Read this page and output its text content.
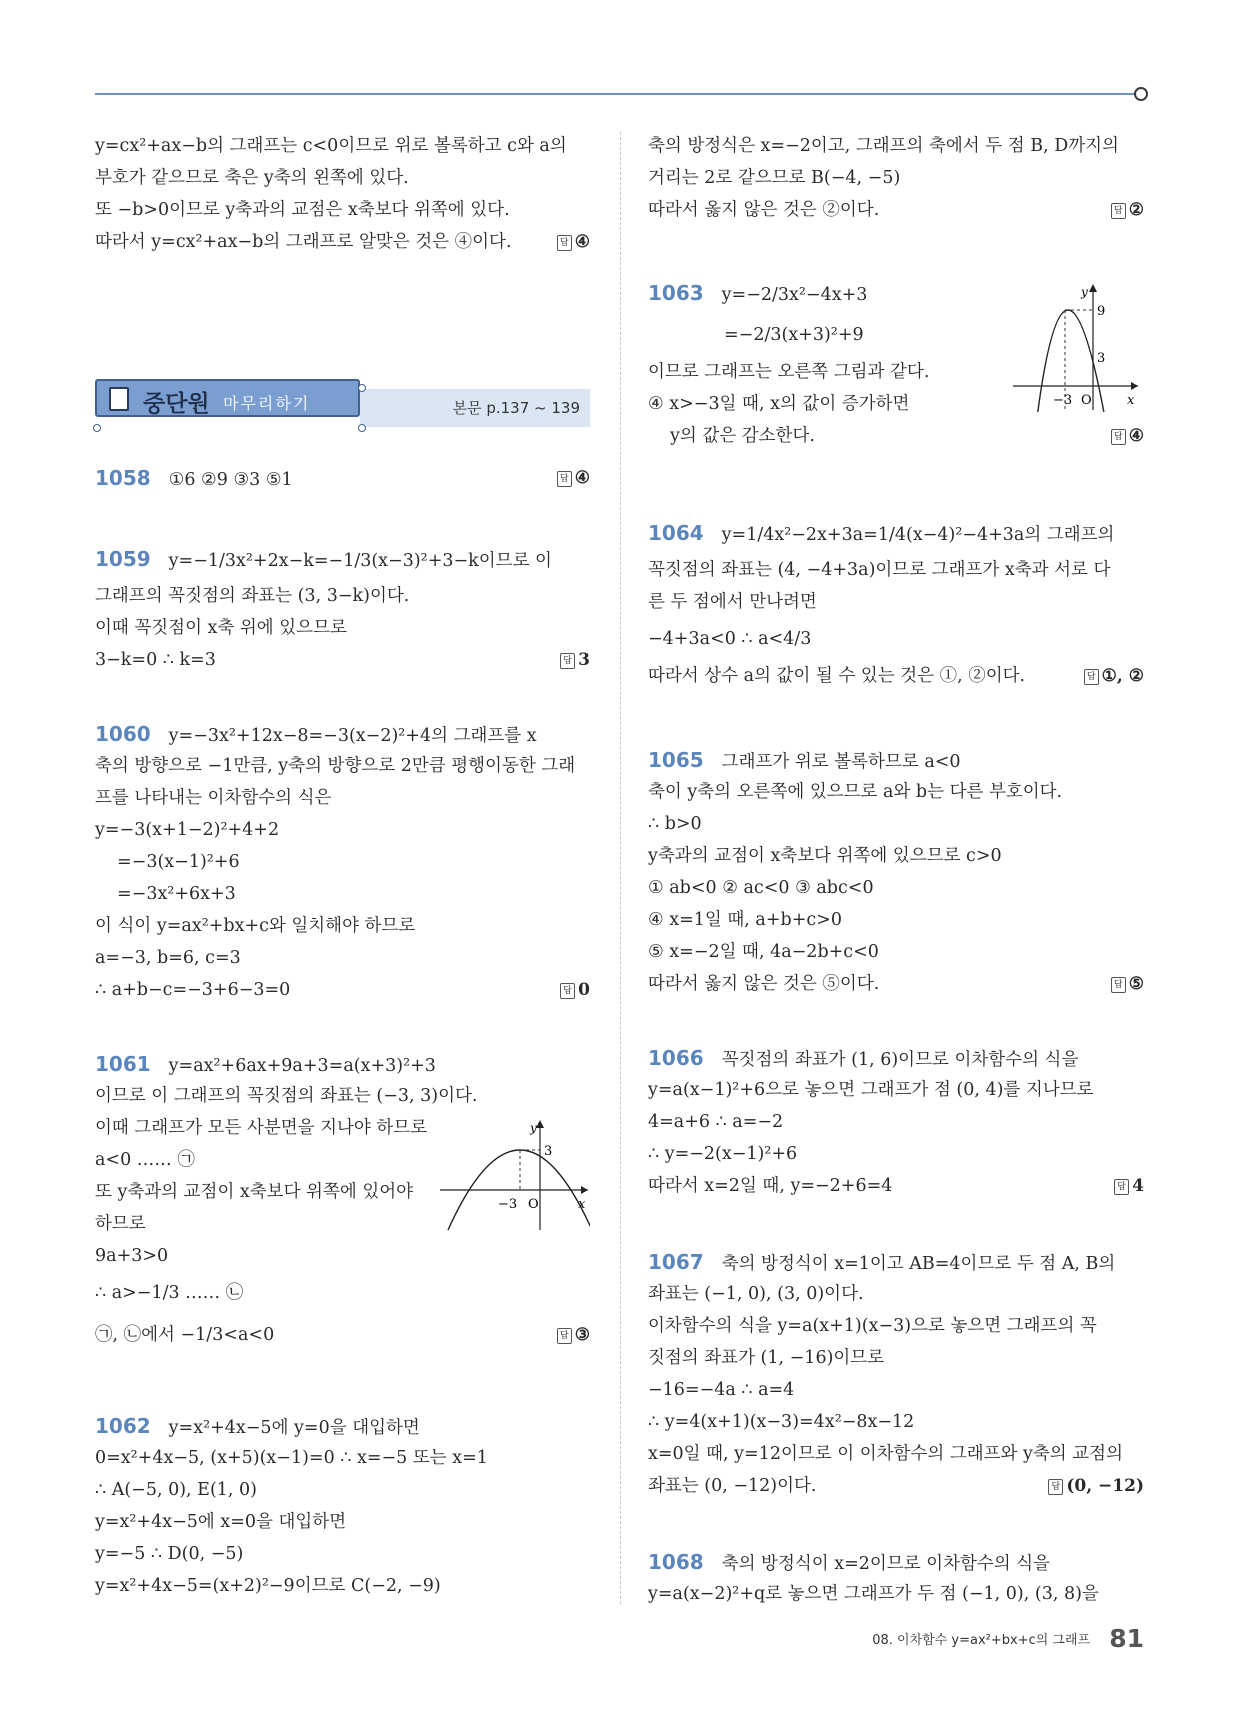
y=cx²+ax−b의 그래프는 c<0이므로 위로 볼록하고 c와 a의
부호가 같으므로 축은 y축의 왼쪽에 있다.
또 −b>0이므로 y축과의 교점은 x축보다 위쪽에 있다.
따라서 y=cx²+ax−b의 그래프로 알맞은 것은 ④이다.	답 ④
1058 ①6 ②9 ③3 ⑤1	답 ④
1059 y=−1/3x²+2x−k=−1/3(x−3)²+3−k이므로 이
그래프의 꼭짓점의 좌표는 (3, 3−k)이다.
이때 꼭짓점이 x축 위에 있으므로
3−k=0 ∴ k=3	답 3
1060 y=−3x²+12x−8=−3(x−2)²+4의 그래프를 x
축의 방향으로 −1만큼, y축의 방향으로 2만큼 평행이동한 그래
프를 나타내는 이차함수의 식은
y=−3(x+1−2)²+4+2
=−3(x−1)²+6
=−3x²+6x+3
이 식이 y=ax²+bx+c와 일치해야 하므로
a=−3, b=6, c=3
∴ a+b−c=−3+6−3=0	답 0
1061 y=ax²+6ax+9a+3=a(x+3)²+3
이므로 이 그래프의 꼭짓점의 좌표는 (−3, 3)이다.
이때 그래프가 모든 사분면을 지나야 하므로
a<0 …… ㉠
또 y축과의 교점이 x축보다 위쪽에 있어야
하므로
9a+3>0
∴ a>−1/3 …… ㉡
㉠, ㉡에서 −1/3<a<0	답 ③
y
x
O
−3
3
1062 y=x²+4x−5에 y=0을 대입하면
0=x²+4x−5, (x+5)(x−1)=0 ∴ x=−5 또는 x=1
∴ A(−5, 0), E(1, 0)
y=x²+4x−5에 x=0을 대입하면
y=−5 ∴ D(0, −5)
y=x²+4x−5=(x+2)²−9이므로 C(−2, −9)
중단원 마무리하기	본문 p.137 ~ 139
축의 방정식은 x=−2이고, 그래프의 축에서 두 점 B, D까지의
거리는 2로 같으므로 B(−4, −5)
따라서 옳지 않은 것은 ②이다.	답 ②
1063 y=−2/3x²−4x+3
=−2/3(x+3)²+9
이므로 그래프는 오른쪽 그림과 같다.
④ x>−3일 때, x의 값이 증가하면
y의 값은 감소한다.	답 ④
y
x
O
−3
9
3
1064 y=1/4x²−2x+3a=1/4(x−4)²−4+3a의 그래프의
꼭짓점의 좌표는 (4, −4+3a)이므로 그래프가 x축과 서로 다
른 두 점에서 만나려면
−4+3a<0 ∴ a<4/3
따라서 상수 a의 값이 될 수 있는 것은 ①, ②이다.	답 ①, ②
1065 그래프가 위로 볼록하므로 a<0
축이 y축의 오른쪽에 있으므로 a와 b는 다른 부호이다.
∴ b>0
y축과의 교점이 x축보다 위쪽에 있으므로 c>0
① ab<0 ② ac<0 ③ abc<0
④ x=1일 때, a+b+c>0
⑤ x=−2일 때, 4a−2b+c<0
따라서 옳지 않은 것은 ⑤이다.	답 ⑤
1066 꼭짓점의 좌표가 (1, 6)이므로 이차함수의 식을
y=a(x−1)²+6으로 놓으면 그래프가 점 (0, 4)를 지나므로
4=a+6 ∴ a=−2
∴ y=−2(x−1)²+6
따라서 x=2일 때, y=−2+6=4	답 4
1067 축의 방정식이 x=1이고 AB=4이므로 두 점 A, B의
좌표는 (−1, 0), (3, 0)이다.
이차함수의 식을 y=a(x+1)(x−3)으로 놓으면 그래프의 꼭
짓점의 좌표가 (1, −16)이므로
−16=−4a ∴ a=4
∴ y=4(x+1)(x−3)=4x²−8x−12
x=0일 때, y=12이므로 이 이차함수의 그래프와 y축의 교점의
좌표는 (0, −12)이다.	답 (0, −12)
1068 축의 방정식이 x=2이므로 이차함수의 식을
y=a(x−2)²+q로 놓으면 그래프가 두 점 (−1, 0), (3, 8)을
08. 이차함수 y=ax²+bx+c의 그래프 81
